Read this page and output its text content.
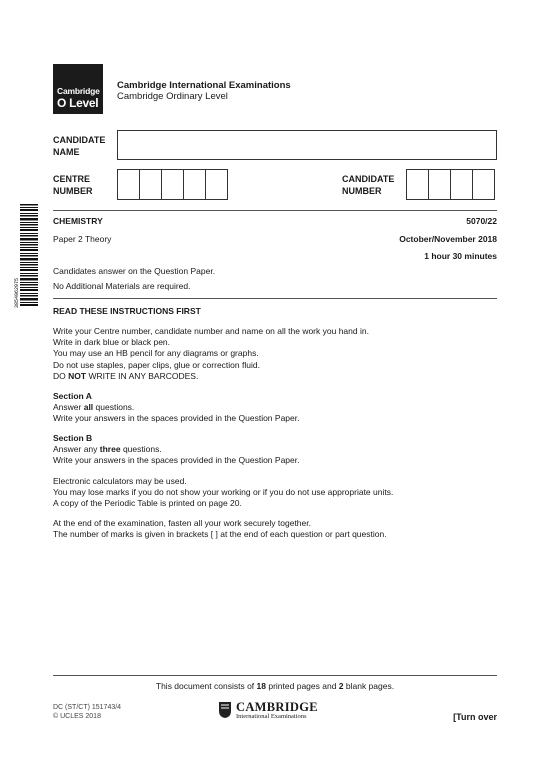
Cambridge
O Level
Cambridge International Examinations
Cambridge Ordinary Level
CANDIDATE
NAME
CENTRE
NUMBER
CANDIDATE
NUMBER
3854962975
CHEMISTRY	5070/22
Paper 2 Theory	October/November 2018
1 hour 30 minutes
Candidates answer on the Question Paper.
No Additional Materials are required.
READ THESE INSTRUCTIONS FIRST
Write your Centre number, candidate number and name on all the work you hand in.
Write in dark blue or black pen.
You may use an HB pencil for any diagrams or graphs.
Do not use staples, paper clips, glue or correction fluid.
DO NOT WRITE IN ANY BARCODES.
Section A
Answer all questions.
Write your answers in the spaces provided in the Question Paper.
Section B
Answer any three questions.
Write your answers in the spaces provided in the Question Paper.
Electronic calculators may be used.
You may lose marks if you do not show your working or if you do not use appropriate units.
A copy of the Periodic Table is printed on page 20.
At the end of the examination, fasten all your work securely together.
The number of marks is given in brackets [ ] at the end of each question or part question.
This document consists of 18 printed pages and 2 blank pages.
DC (ST/CT) 151743/4
© UCLES 2018
CAMBRIDGE
International Examinations	[Turn over
